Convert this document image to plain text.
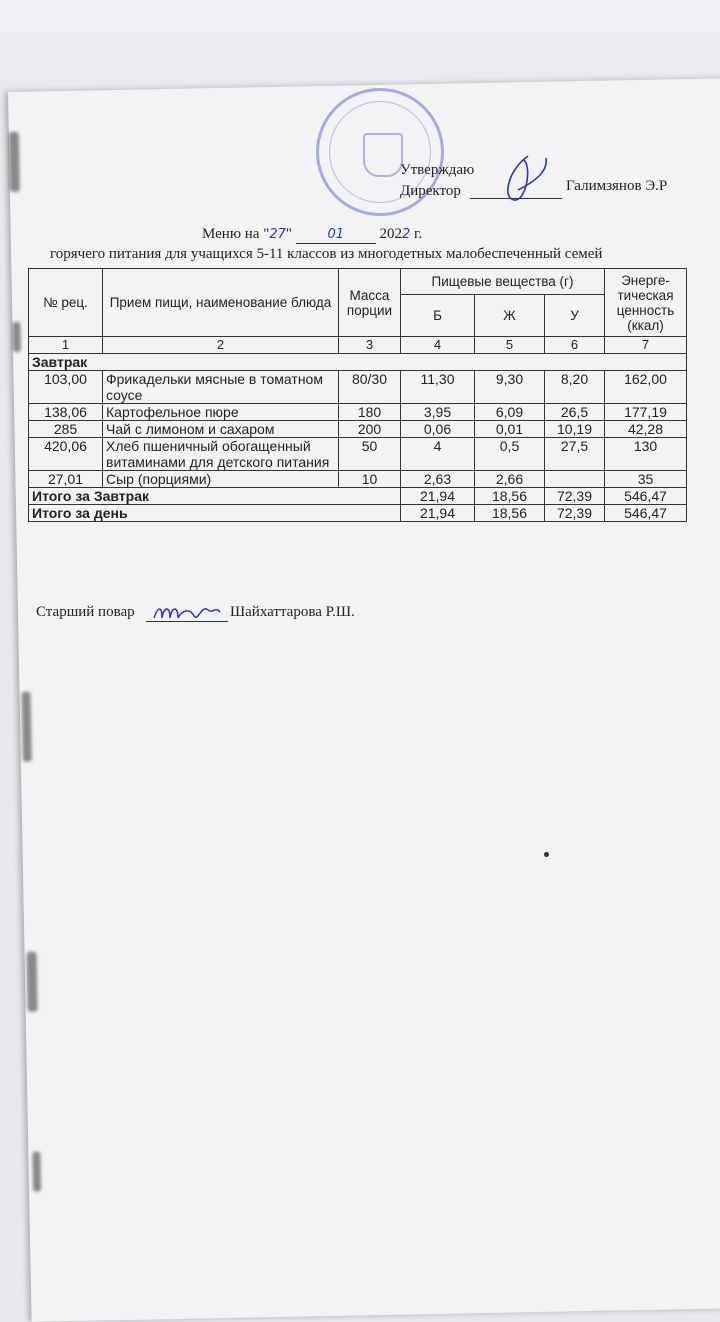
Утверждаю
Директор	Галимзянов Э.Р
Меню на "27"	01 2022 г.
горячего питания для учащихся 5-11 классов из многодетных малобеспеченный семей
№ рец.	Прием пищи, наименование блюда	Масса порции	Пищевые вещества (г)			Энерге-тическая ценность (ккал)
			Б	Ж	У	
1	2	3	4	5	6	7
Завтрак						
103,00	Фрикадельки мясные в томатном соусе	80/30	11,30	9,30	8,20	162,00
138,06	Картофельное пюре	180	3,95	6,09	26,5	177,19
285	Чай с лимоном и сахаром	200	0,06	0,01	10,19	42,28
420,06	Хлеб пшеничный обогащенный витаминами для детского питания	50	4	0,5	27,5	130
27,01	Сыр (порциями)	10	2,63	2,66		35
Итого за Завтрак			21,94	18,56	72,39	546,47
Итого за день			21,94	18,56	72,39	546,47
Старший повар	Шайхаттарова Р.Ш.
